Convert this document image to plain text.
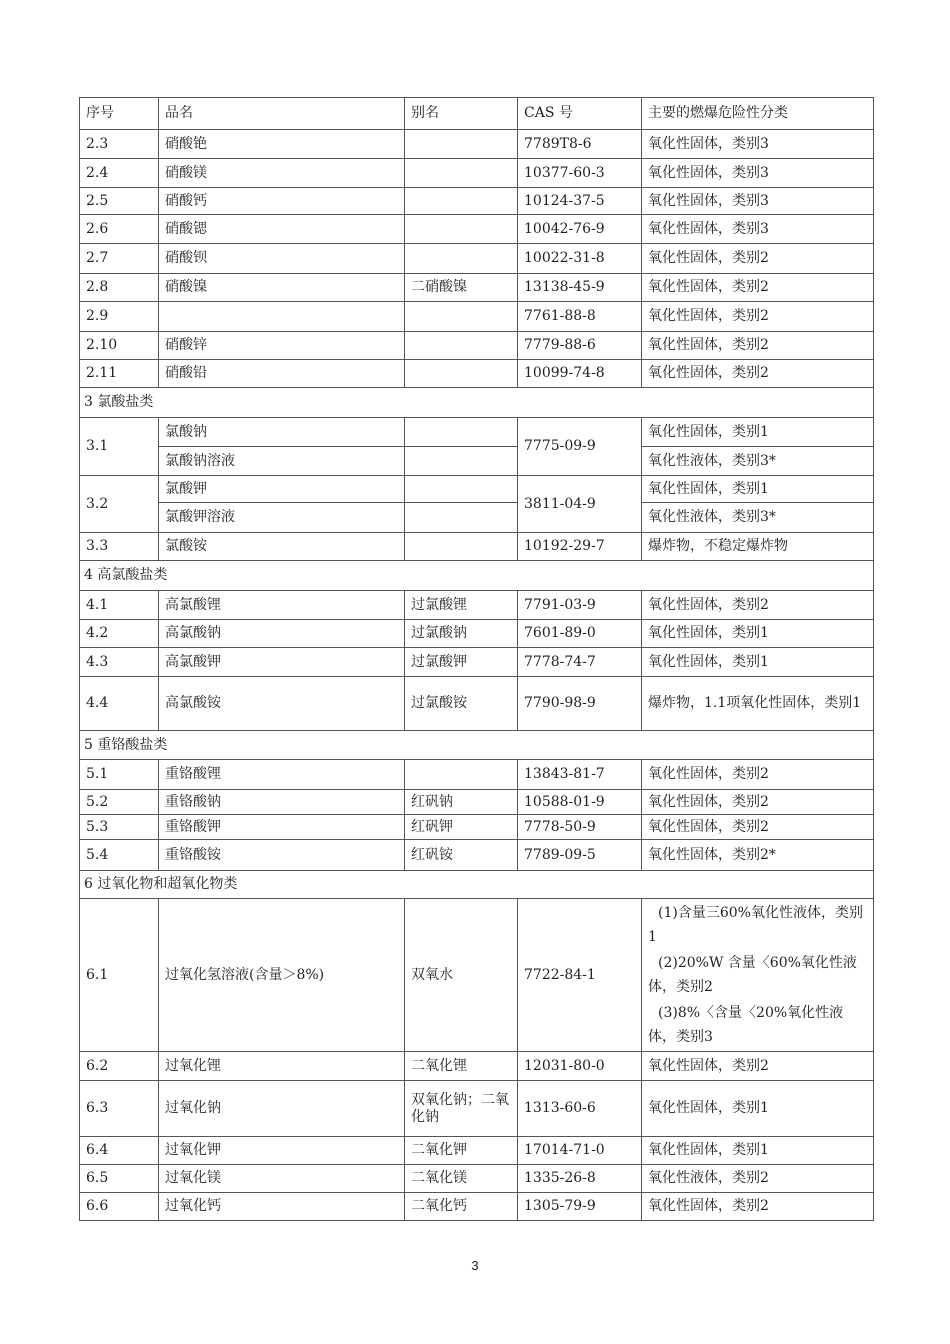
序号	品名	别名	CAS 号	主要的燃爆危险性分类
2.3	硝酸铯		7789T8-6	氧化性固体，类别3
2.4	硝酸镁		10377-60-3	氧化性固体，类别3
2.5	硝酸钙		10124-37-5	氧化性固体，类别3
2.6	硝酸锶		10042-76-9	氧化性固体，类别3
2.7	硝酸钡		10022-31-8	氧化性固体，类别2
2.8	硝酸镍	二硝酸镍	13138-45-9	氧化性固体，类别2
2.9			7761-88-8	氧化性固体，类别2
2.10	硝酸锌		7779-88-6	氧化性固体，类别2
2.11	硝酸铅		10099-74-8	氧化性固体，类别2
3 氯酸盐类				
3.1	氯酸钠		7775-09-9	氧化性固体，类别1
	氯酸钠溶液			氧化性液体，类别3*
3.2	氯酸钾		3811-04-9	氧化性固体，类别1
	氯酸钾溶液			氧化性液体，类别3*
3.3	氯酸铵		10192-29-7	爆炸物，不稳定爆炸物
4 高氯酸盐类				
4.1	高氯酸锂	过氯酸锂	7791-03-9	氧化性固体，类别2
4.2	高氯酸钠	过氯酸钠	7601-89-0	氧化性固体，类别1
4.3	高氯酸钾	过氯酸钾	7778-74-7	氧化性固体，类别1
4.4	高氯酸铵	过氯酸铵	7790-98-9	爆炸物，1.1项氧化性固体，类别1
5 重铬酸盐类				
5.1	重铬酸锂		13843-81-7	氧化性固体，类别2
5.2	重铬酸钠	红矾钠	10588-01-9	氧化性固体，类别2
5.3	重铬酸钾	红矾钾	7778-50-9	氧化性固体，类别2
5.4	重铬酸铵	红矾铵	7789-09-5	氧化性固体，类别2*
6 过氧化物和超氧化物类				
6.1	过氧化氢溶液(含量＞8%)	双氧水	7722-84-1	(1)含量三60%氧化性液体，类别1
(2)20%W 含量〈60%氧化性液体，类别2
(3)8%〈含量〈20%氧化性液体，类别3

6.2	过氧化锂	二氧化锂	12031-80-0	氧化性固体，类别2
6.3	过氧化钠	双氧化钠；二氧化钠	1313-60-6	氧化性固体，类别1
6.4	过氧化钾	二氧化钾	17014-71-0	氧化性固体，类别1
6.5	过氧化镁	二氧化镁	1335-26-8	氧化性液体，类别2
6.6	过氧化钙	二氧化钙	1305-79-9	氧化性固体，类别2
3
